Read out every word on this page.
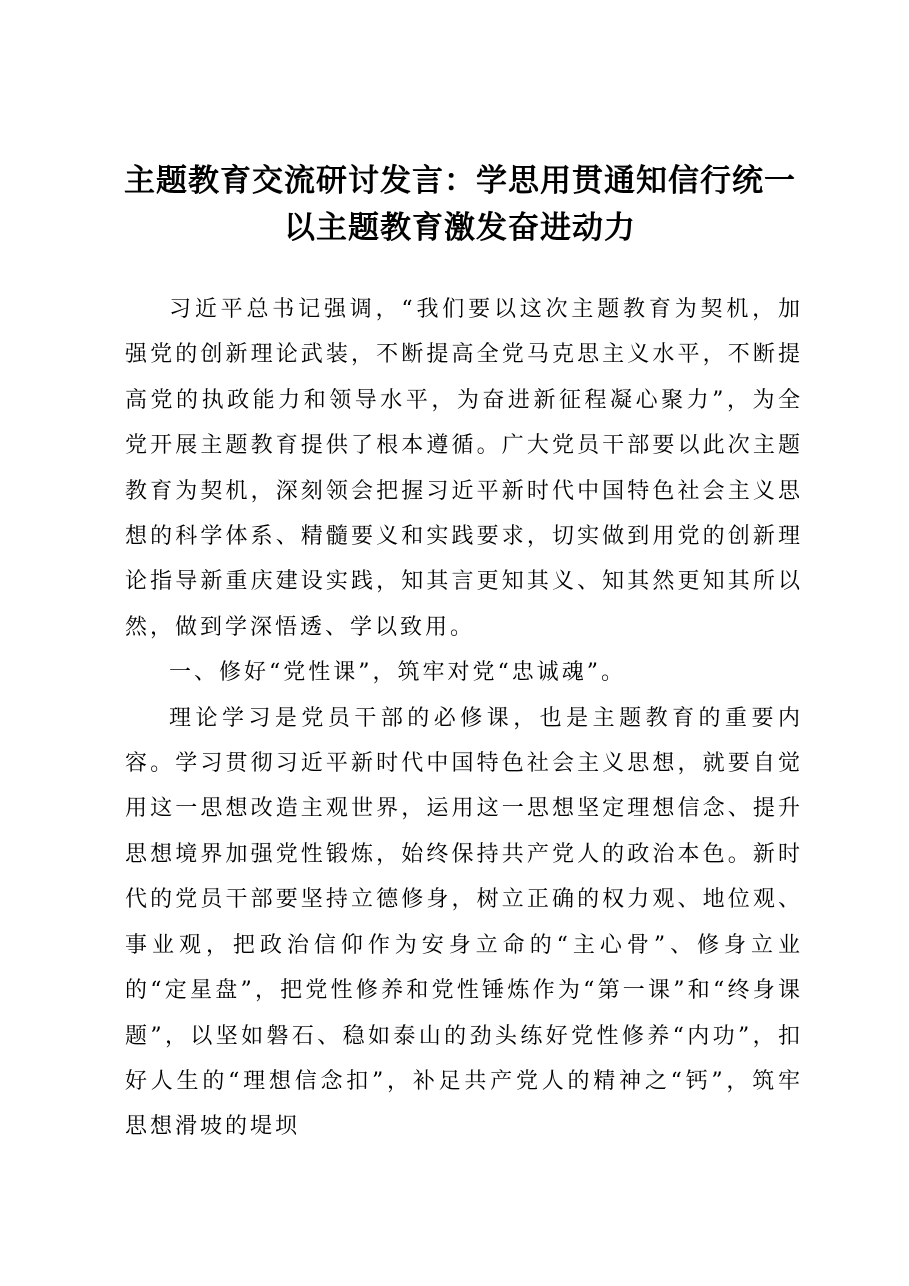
主题教育交流研讨发言：学思用贯通知信行统一
以主题教育激发奋进动力

习近平总书记强调，“我们要以这次主题教育为契机，加强党的创新理论武装，不断提高全党马克思主义水平，不断提高党的执政能力和领导水平，为奋进新征程凝心聚力”，为全党开展主题教育提供了根本遵循。广大党员干部要以此次主题教育为契机，深刻领会把握习近平新时代中国特色社会主义思想的科学体系、精髓要义和实践要求，切实做到用党的创新理论指导新重庆建设实践，知其言更知其义、知其然更知其所以然，做到学深悟透、学以致用。

一、修好“党性课”，筑牢对党“忠诚魂”。

理论学习是党员干部的必修课，也是主题教育的重要内容。学习贯彻习近平新时代中国特色社会主义思想，就要自觉用这一思想改造主观世界，运用这一思想坚定理想信念、提升思想境界加强党性锻炼，始终保持共产党人的政治本色。新时代的党员干部要坚持立德修身，树立正确的权力观、地位观、事业观，把政治信仰作为安身立命的“主心骨”、修身立业的“定星盘”，把党性修养和党性锤炼作为“第一课”和“终身课题”，以坚如磐石、稳如泰山的劲头练好党性修养“内功”，扣好人生的“理想信念扣”，补足共产党人的精神之“钙”，筑牢思想滑坡的堤坝
